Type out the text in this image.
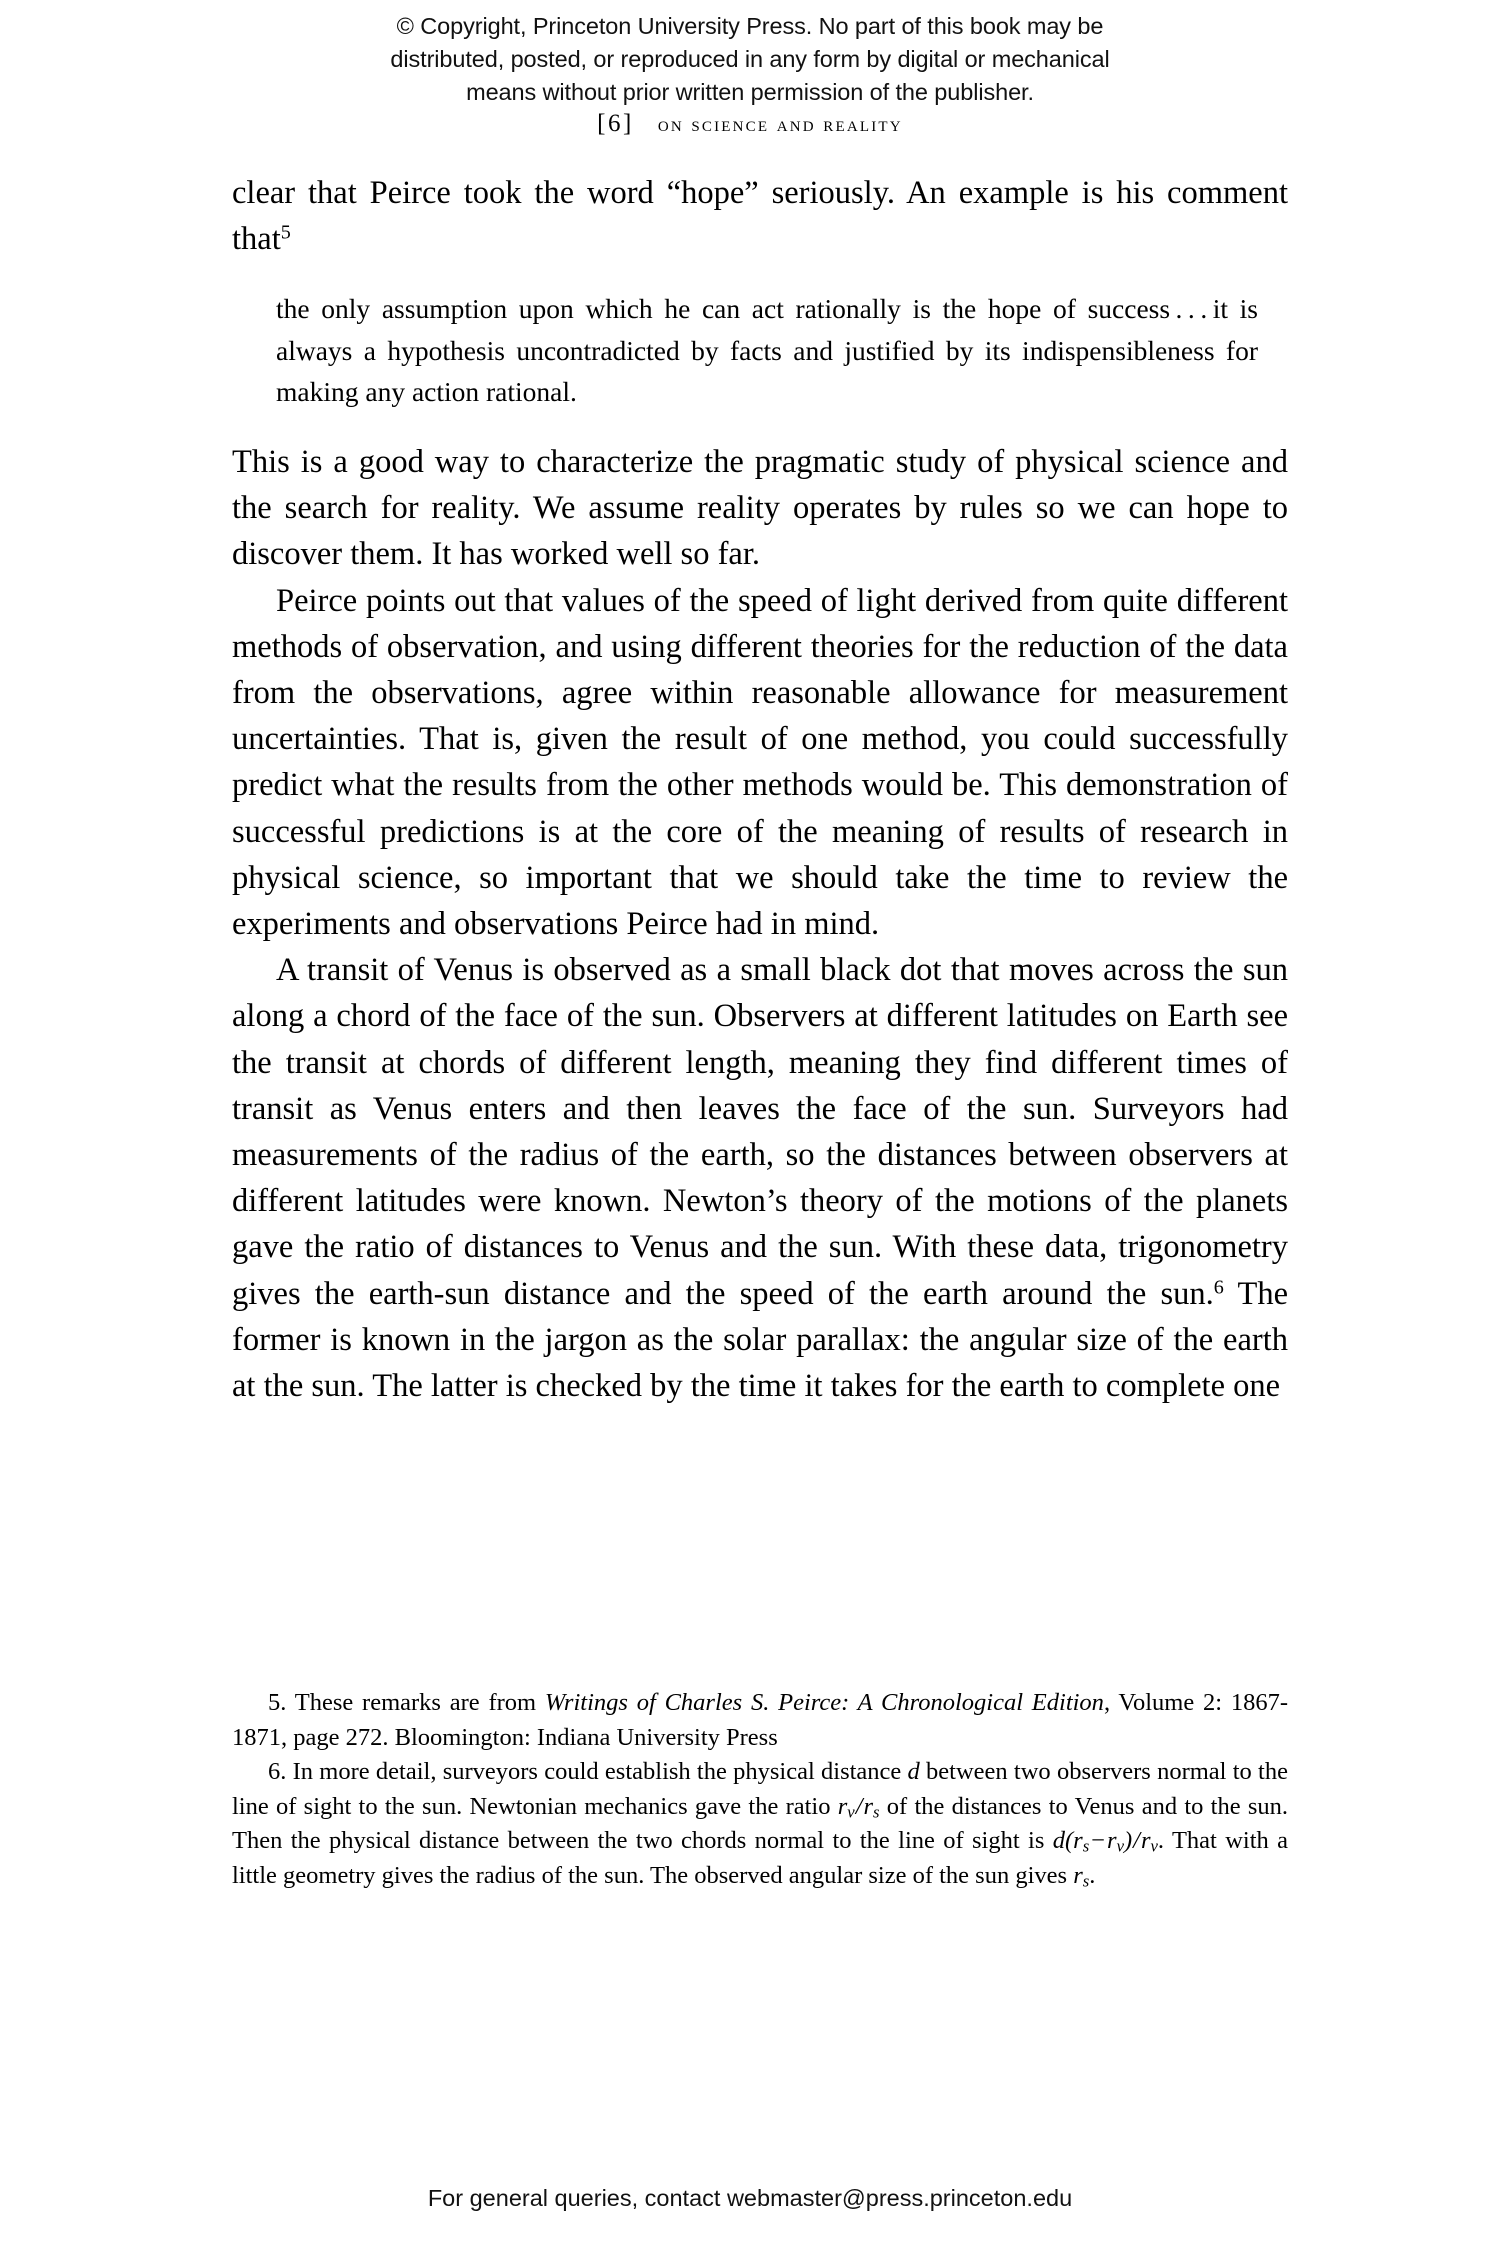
© Copyright, Princeton University Press. No part of this book may be
distributed, posted, or reproduced in any form by digital or mechanical
means without prior written permission of the publisher.
[6] on science and reality

clear that Peirce took the word “hope” seriously. An example is his comment that$^5$

the only assumption upon which he can act rationally is the hope of success . . . it is always a hypothesis uncontradicted by facts and justified by its indispensibleness for making any action rational.

This is a good way to characterize the pragmatic study of physical science and the search for reality. We assume reality operates by rules so we can hope to discover them. It has worked well so far.

Peirce points out that values of the speed of light derived from quite different methods of observation, and using different theories for the reduction of the data from the observations, agree within reasonable allowance for measurement uncertainties. That is, given the result of one method, you could successfully predict what the results from the other methods would be. This demonstration of successful predictions is at the core of the meaning of results of research in physical science, so important that we should take the time to review the experiments and observations Peirce had in mind.

A transit of Venus is observed as a small black dot that moves across the sun along a chord of the face of the sun. Observers at different latitudes on Earth see the transit at chords of different length, meaning they find different times of transit as Venus enters and then leaves the face of the sun. Surveyors had measurements of the radius of the earth, so the distances between observers at different latitudes were known. Newton’s theory of the motions of the planets gave the ratio of distances to Venus and the sun. With these data, trigonometry gives the earth-sun distance and the speed of the earth around the sun.$^6$ The former is known in the jargon as the solar parallax: the angular size of the earth at the sun. The latter is checked by the time it takes for the earth to complete one

5. These remarks are from Writings of Charles S. Peirce: A Chronological Edition, Volume 2: 1867-1871, page 272. Bloomington: Indiana University Press

6. In more detail, surveyors could establish the physical distance d between two observers normal to the line of sight to the sun. Newtonian mechanics gave the ratio $r_v/r_s$ of the distances to Venus and to the sun. Then the physical distance between the two chords normal to the line of sight is $d(r_s-r_v)/r_v$. That with a little geometry gives the radius of the sun. The observed angular size of the sun gives $r_s$.

For general queries, contact webmaster@press.princeton.edu
